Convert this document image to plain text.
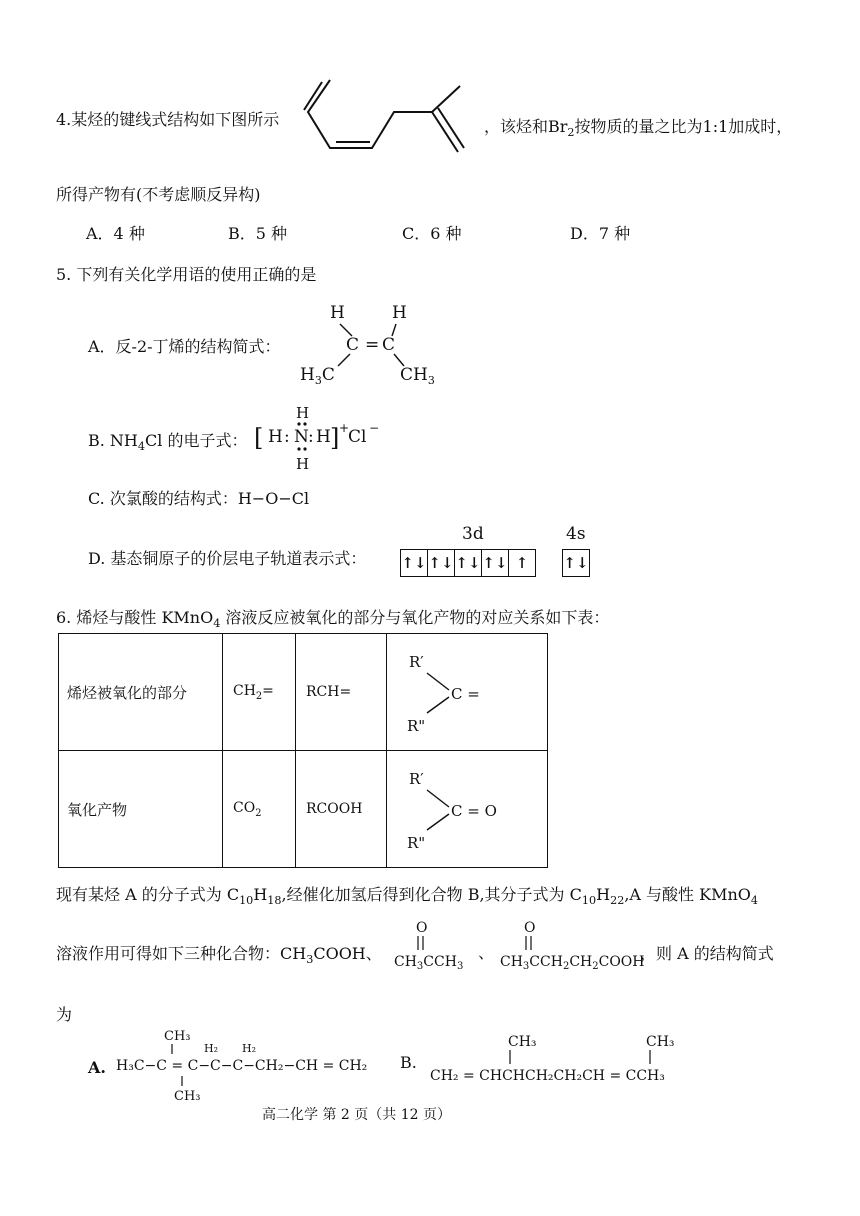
4.某烃的键线式结构如下图所示	，该烃和$Br_2$按物质的量之比为1:1加成时，
所得产物有(不考虑顺反异构)
A．4 种	B．5 种	C．6 种	D．7 种
5. 下列有关化学用语的使用正确的是
A．反-2-丁烯的结构简式：
H	H
C = C
$H_3C$	$CH_3$
B. $NH_4Cl$ 的电子式： [ H : N : H
H
H
] +
Cl −
C. 次氯酸的结构式：H−O−Cl
D. 基态铜原子的价层电子轨道表示式：
3d	4s
↑↓ ↑↓ ↑↓ ↑↓ ↑	↑↓
6. 烯烃与酸性 KMnO$_4$ 溶液反应被氧化的部分与氧化产物的对应关系如下表：
烯烃被氧化的部分	$CH_2=$	RCH=	R′
C =
R"

氧化产物	$CO_2$	RCOOH	R′
C = O
R"
现有某烃 A 的分子式为 $C_{10}H_{18}$,经催化加氢后得到化合物 B,其分子式为 $C_{10}H_{22},A$ 与酸性 KMnO$_4$
溶液作用可得如下三种化合物：$CH_3COOH$、
O
$CH_3CCH_3$
、
O
$CH_3CCH_2CH_2COOH$
，则 A 的结构简式
为
A.
CH₃
H₂ H₂
H₃C−C = C−C−C−CH₂−CH = CH₂
CH₃
B.
CH₃	CH₃
CH₂ = CHCHCH₂CH₂CH = CCH₃
高二化学 第 2 页（共 12 页）
